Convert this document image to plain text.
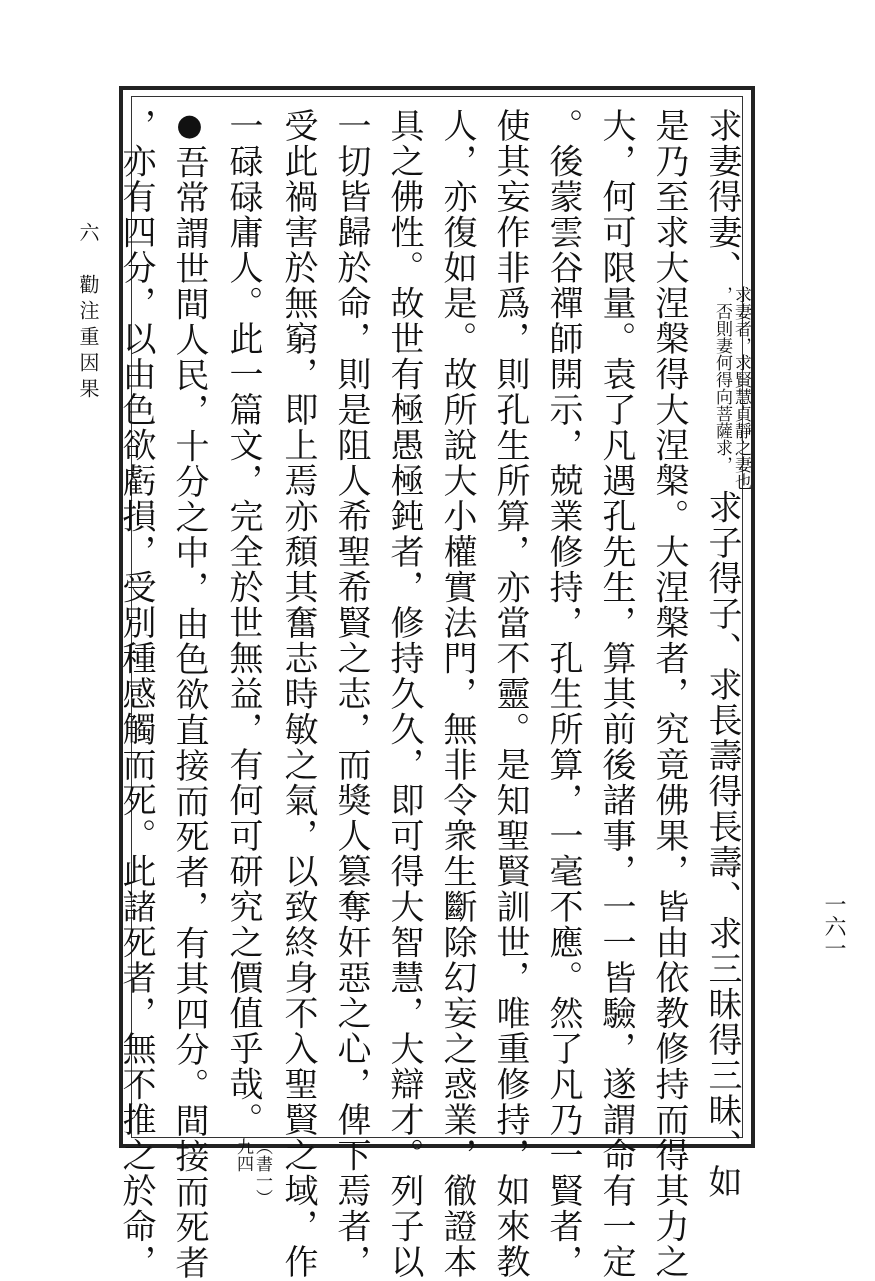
六　勸注重因果
一六一
求妻得妻、
求妻者，求賢慧貞靜之妻也
，否則妻何得向菩薩求，
求子得子、求長壽得長壽、求三昧得三昧、如
是乃至求大涅槃得大涅槃。大涅槃者，究竟佛果，皆由依教修持而得其力之
大，何可限量。袁了凡遇孔先生，算其前後諸事，一一皆驗，遂謂命有一定
。後蒙雲谷禪師開示，兢業修持，孔生所算，一毫不應。然了凡乃一賢者，
使其妄作非爲，則孔生所算，亦當不靈。是知聖賢訓世，唯重修持，如來教
人，亦復如是。故所說大小權實法門，無非令衆生斷除幻妄之惑業，徹證本
具之佛性。故世有極愚極鈍者，修持久久，即可得大智慧，大辯才。列子以
一切皆歸於命，則是阻人希聖希賢之志，而獎人篡奪奸惡之心，俾下焉者，
受此禍害於無窮，即上焉亦頹其奮志時敏之氣，以致終身不入聖賢之域，作
一碌碌庸人。此一篇文，完全於世無益，有何可研究之價值乎哉。
（書一）
九四
●吾常謂世間人民，十分之中，由色欲直接而死者，有其四分。間接而死者
，亦有四分，以由色欲虧損，受別種感觸而死。此諸死者，無不推之於命，
